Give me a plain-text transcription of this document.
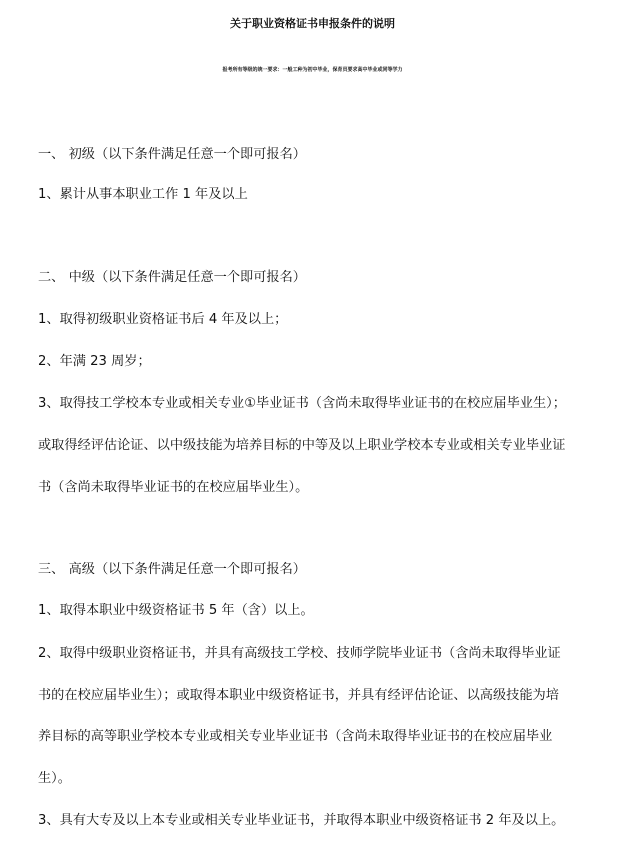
关于职业资格证书申报条件的说明

报考所有等级的统一要求：一般工种为初中毕业，保育员要求高中毕业或同等学力

一、 初级（以下条件满足任意一个即可报名）

1、累计从事本职业工作 1 年及以上

二、 中级（以下条件满足任意一个即可报名）

1、取得初级职业资格证书后 4 年及以上；

2、年满 23 周岁；

3、取得技工学校本专业或相关专业①毕业证书（含尚未取得毕业证书的在校应届毕业生）；

或取得经评估论证、以中级技能为培养目标的中等及以上职业学校本专业或相关专业毕业证

书（含尚未取得毕业证书的在校应届毕业生）。

三、 高级（以下条件满足任意一个即可报名）

1、取得本职业中级资格证书 5 年（含）以上。

2、取得中级职业资格证书，并具有高级技工学校、技师学院毕业证书（含尚未取得毕业证

书的在校应届毕业生）；或取得本职业中级资格证书，并具有经评估论证、以高级技能为培

养目标的高等职业学校本专业或相关专业毕业证书（含尚未取得毕业证书的在校应届毕业

生）。

3、具有大专及以上本专业或相关专业毕业证书，并取得本职业中级资格证书 2 年及以上。
